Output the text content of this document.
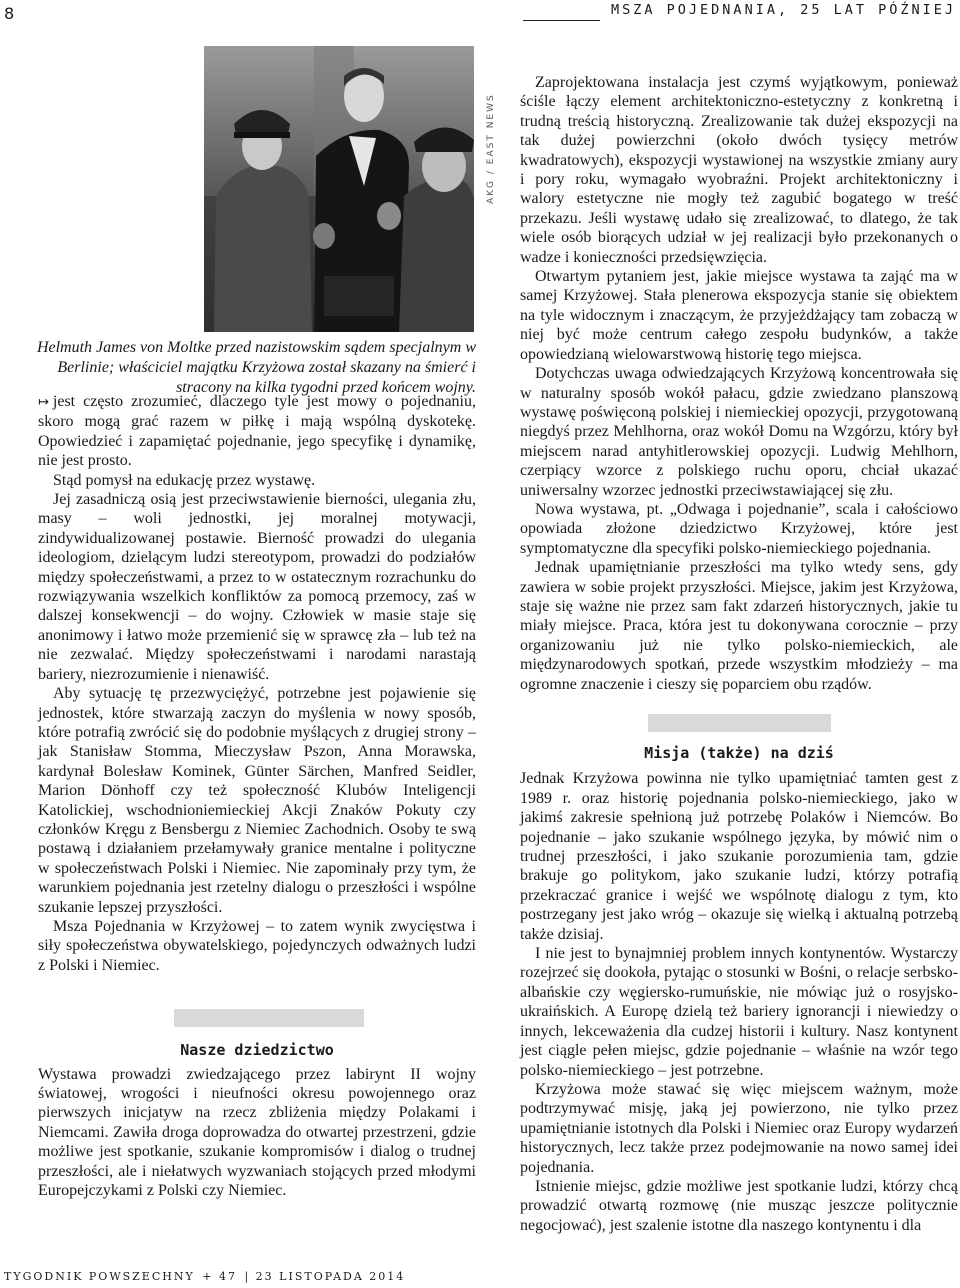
8	MSZA POJEDNANIA, 25 LAT PÓŹNIEJ
AKG / EAST NEWS
Helmuth James von Moltke przed nazistowskim sądem specjalnym w Berlinie; właściciel majątku Krzyżowa został skazany na śmierć i stracony na kilka tygodni przed końcem wojny.

↦ jest często zrozumieć, dlaczego tyle jest mowy o pojednaniu, skoro mogą grać razem w piłkę i mają wspólną dyskotekę. Opowiedzieć i zapamiętać pojednanie, jego specyfikę i dynamikę, nie jest prosto.

Stąd pomysł na edukację przez wystawę.

Jej zasadniczą osią jest przeciwstawienie bierności, ulegania złu, masy – woli jednostki, jej moralnej motywacji, zindywidualizowanej postawie. Bierność prowadzi do ulegania ideologiom, dzielącym ludzi stereotypom, prowadzi do podziałów między społeczeństwami, a przez to w ostatecznym rozrachunku do rozwiązywania wszelkich konfliktów za pomocą przemocy, zaś w dalszej konsekwencji – do wojny. Człowiek w masie staje się anonimowy i łatwo może przemienić się w sprawcę zła – lub też na nie zezwalać. Między społeczeństwami i narodami narastają bariery, niezrozumienie i nienawiść.

Aby sytuację tę przezwyciężyć, potrzebne jest pojawienie się jednostek, które stwarzają zaczyn do myślenia w nowy sposób, które potrafią zwrócić się do podobnie myślących z drugiej strony – jak Stanisław Stomma, Mieczysław Pszon, Anna Morawska, kardynał Bolesław Kominek, Günter Särchen, Manfred Seidler, Marion Dönhoff czy też społeczność Klubów Inteligencji Katolickiej, wschodnioniemieckiej Akcji Znaków Pokuty czy członków Kręgu z Bensbergu z Niemiec Zachodnich. Osoby te swą postawą i działaniem przełamywały granice mentalne i polityczne w społeczeństwach Polski i Niemiec. Nie zapominały przy tym, że warunkiem pojednania jest rzetelny dialogu o przeszłości i wspólne szukanie lepszej przyszłości.

Msza Pojednania w Krzyżowej – to zatem wynik zwycięstwa i siły społeczeństwa obywatelskiego, pojedynczych odważnych ludzi z Polski i Niemiec.

Nasze dziedzictwo

Wystawa prowadzi zwiedzającego przez labirynt II wojny światowej, wrogości i nieufności okresu powojennego oraz pierwszych inicjatyw na rzecz zbliżenia między Polakami i Niemcami. Zawiła droga doprowadza do otwartej przestrzeni, gdzie możliwe jest spotkanie, szukanie kompromisów i dialog o trudnej przeszłości, ale i niełatwych wyzwaniach stojących przed młodymi Europejczykami z Polski czy Niemiec.

Zaprojektowana instalacja jest czymś wyjątkowym, ponieważ ściśle łączy element architektoniczno-estetyczny z konkretną i trudną treścią historyczną. Zrealizowanie tak dużej ekspozycji na tak dużej powierzchni (około dwóch tysięcy metrów kwadratowych), ekspozycji wystawionej na wszystkie zmiany aury i pory roku, wymagało wyobraźni. Projekt architektoniczny i walory estetyczne nie mogły też zagubić bogatego w treść przekazu. Jeśli wystawę udało się zrealizować, to dlatego, że tak wiele osób biorących udział w jej realizacji było przekonanych o wadze i konieczności przedsięwzięcia.

Otwartym pytaniem jest, jakie miejsce wystawa ta zająć ma w samej Krzyżowej. Stała plenerowa ekspozycja stanie się obiektem na tyle widocznym i znaczącym, że przyjeżdżający tam zobaczą w niej być może centrum całego zespołu budynków, a także opowiedzianą wielowarstwową historię tego miejsca.

Dotychczas uwaga odwiedzających Krzyżową koncentrowała się w naturalny sposób wokół pałacu, gdzie zwiedzano planszową wystawę poświęconą polskiej i niemieckiej opozycji, przygotowaną niegdyś przez Mehlhorna, oraz wokół Domu na Wzgórzu, który był miejscem narad antyhitlerowskiej opozycji. Ludwig Mehlhorn, czerpiący wzorce z polskiego ruchu oporu, chciał ukazać uniwersalny wzorzec jednostki przeciwstawiającej się złu.

Nowa wystawa, pt. „Odwaga i pojednanie”, scala i całościowo opowiada złożone dziedzictwo Krzyżowej, które jest symptomatyczne dla specyfiki polsko-niemieckiego pojednania.

Jednak upamiętnianie przeszłości ma tylko wtedy sens, gdy zawiera w sobie projekt przyszłości. Miejsce, jakim jest Krzyżowa, staje się ważne nie przez sam fakt zdarzeń historycznych, jakie tu miały miejsce. Praca, która jest tu dokonywana corocznie – przy organizowaniu już nie tylko polsko-niemieckich, ale międzynarodowych spotkań, przede wszystkim młodzieży – ma ogromne znaczenie i cieszy się poparciem obu rządów.

Misja (także) na dziś

Jednak Krzyżowa powinna nie tylko upamiętniać tamten gest z 1989 r. oraz historię pojednania polsko-niemieckiego, jako w jakimś zakresie spełnioną już potrzebę Polaków i Niemców. Bo pojednanie – jako szukanie wspólnego języka, by mówić nim o trudnej przeszłości, i jako szukanie porozumienia tam, gdzie brakuje go politykom, jako szukanie ludzi, którzy potrafią przekraczać granice i wejść we wspólnotę dialogu z tym, kto postrzegany jest jako wróg – okazuje się wielką i aktualną potrzebą także dzisiaj.

I nie jest to bynajmniej problem innych kontynentów. Wystarczy rozejrzeć się dookoła, pytając o stosunki w Bośni, o relacje serbsko-albańskie czy węgiersko-rumuńskie, nie mówiąc już o rosyjsko-ukraińskich. A Europę dzielą też bariery ignorancji i niewiedzy o innych, lekceważenia dla cudzej historii i kultury. Nasz kontynent jest ciągle pełen miejsc, gdzie pojednanie – właśnie na wzór tego polsko-niemieckiego – jest potrzebne.

Krzyżowa może stawać się więc miejscem ważnym, może podtrzymywać misję, jaką jej powierzono, nie tylko przez upamiętnianie istotnych dla Polski i Niemiec oraz Europy wydarzeń historycznych, lecz także przez podejmowanie na nowo samej idei pojednania.

Istnienie miejsc, gdzie możliwe jest spotkanie ludzi, którzy chcą prowadzić otwartą rozmowę (nie musząc jeszcze politycznie negocjować), jest szalenie istotne dla naszego kontynentu i dla

TYGODNIK POWSZECHNY + 47 | 23 LISTOPADA 2014
